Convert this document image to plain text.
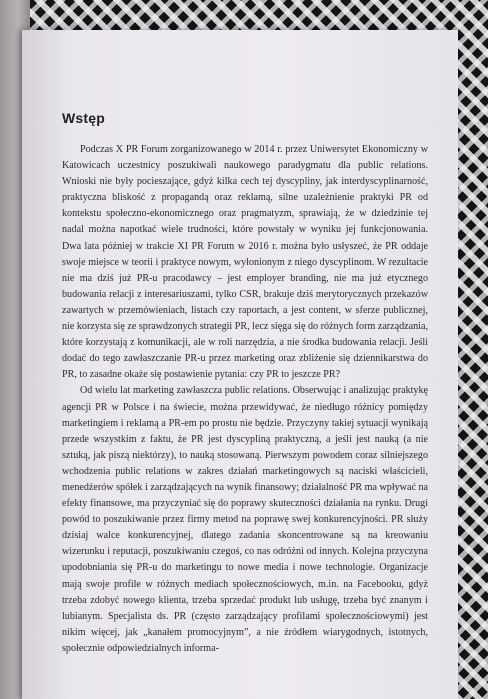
Wstęp

Podczas X PR Forum zorganizowanego w 2014 r. przez Uniwersytet Ekonomiczny w Katowicach uczestnicy poszukiwali naukowego paradygmatu dla public relations. Wnioski nie były pocieszające, gdyż kilka cech tej dyscypliny, jak interdyscyplinarność, praktyczna bliskość z propagandą oraz reklamą, silne uzależnienie praktyki PR od kontekstu społeczno-ekonomicznego oraz pragmatyzm, sprawiają, że w dziedzinie tej nadal można napotkać wiele trudności, które powstały w wyniku jej funkcjonowania. Dwa lata później w trakcie XI PR Forum w 2016 r. można było usłyszeć, że PR oddaje swoje miejsce w teorii i praktyce nowym, wyłonionym z niego dyscyplinom. W rezultacie nie ma dziś już PR-u pracodawcy – jest employer branding, nie ma już etycznego budowania relacji z interesariuszami, tylko CSR, brakuje dziś merytorycznych przekazów zawartych w przemówieniach, listach czy raportach, a jest content, w sferze publicznej, nie korzysta się ze sprawdzonych strategii PR, lecz sięga się do różnych form zarządzania, które korzystają z komunikacji, ale w roli narzędzia, a nie środka budowania relacji. Jeśli dodać do tego zawłaszczanie PR-u przez marketing oraz zbliżenie się dziennikarstwa do PR, to zasadne okaże się postawienie pytania: czy PR to jeszcze PR?

Od wielu lat marketing zawłaszcza public relations. Obserwując i analizując praktykę agencji PR w Polsce i na świecie, można przewidywać, że niedługo różnicy pomiędzy marketingiem i reklamą a PR-em po prostu nie będzie. Przyczyny takiej sytuacji wynikają przede wszystkim z faktu, że PR jest dyscypliną praktyczną, a jeśli jest nauką (a nie sztuką, jak piszą niektórzy), to nauką stosowaną. Pierwszym powodem coraz silniejszego wchodzenia public relations w zakres działań marketingowych są naciski właścicieli, menedżerów spółek i zarządzających na wynik finansowy; działalność PR ma wpływać na efekty finansowe, ma przyczyniać się do poprawy skuteczności działania na rynku. Drugi powód to poszukiwanie przez firmy metod na poprawę swej konkurencyjności. PR służy dzisiaj walce konkurencyjnej, dlatego zadania skoncentrowane są na kreowaniu wizerunku i reputacji, poszukiwaniu czegoś, co nas odróżni od innych. Kolejna przyczyna upodobniania się PR-u do marketingu to nowe media i nowe technologie. Organizacje mają swoje profile w różnych mediach społecznościowych, m.in. na Facebooku, gdyż trzeba zdobyć nowego klienta, trzeba sprzedać produkt lub usługę, trzeba być znanym i lubianym. Specjalista ds. PR (często zarządzający profilami społecznościowymi) jest nikim więcej, jak „kanałem promocyjnym”, a nie źródłem wiarygodnych, istotnych, społecznie odpowiedzialnych informa-
